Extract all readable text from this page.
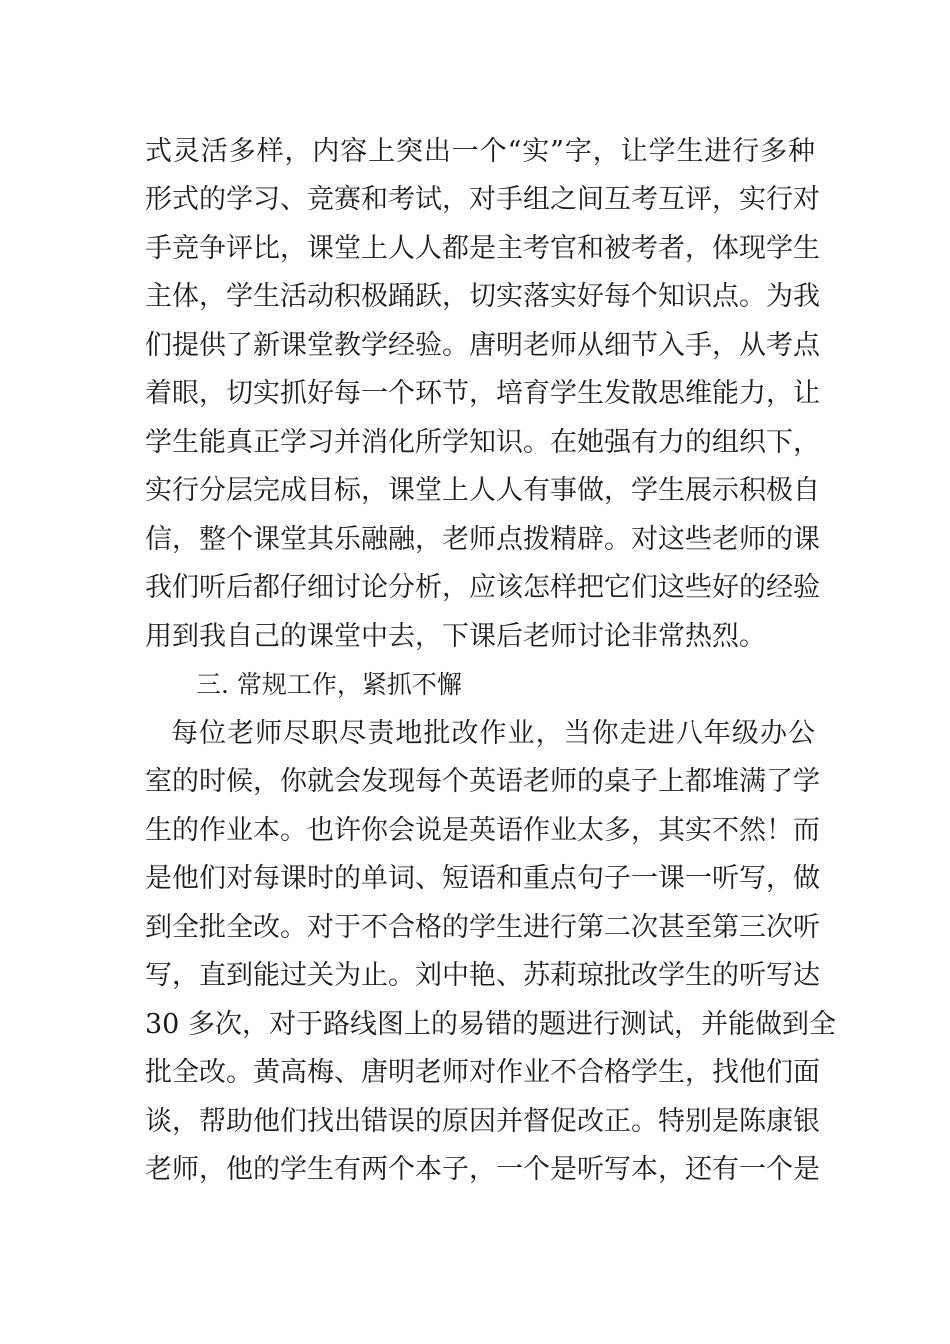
式灵活多样，内容上突出一个“实”字，让学生进行多种
形式的学习、竞赛和考试，对手组之间互考互评，实行对
手竞争评比，课堂上人人都是主考官和被考者，体现学生
主体，学生活动积极踊跃，切实落实好每个知识点。为我
们提供了新课堂教学经验。唐明老师从细节入手，从考点
着眼，切实抓好每一个环节，培育学生发散思维能力，让
学生能真正学习并消化所学知识。在她强有力的组织下，
实行分层完成目标，课堂上人人有事做，学生展示积极自
信，整个课堂其乐融融，老师点拨精辟。对这些老师的课
我们听后都仔细讨论分析，应该怎样把它们这些好的经验
用到我自己的课堂中去，下课后老师讨论非常热烈。
三. 常规工作，紧抓不懈
每位老师尽职尽责地批改作业，当你走进八年级办公
室的时候，你就会发现每个英语老师的桌子上都堆满了学
生的作业本。也许你会说是英语作业太多，其实不然！而
是他们对每课时的单词、短语和重点句子一课一听写，做
到全批全改。对于不合格的学生进行第二次甚至第三次听
写，直到能过关为止。刘中艳、苏莉琼批改学生的听写达
30 多次，对于路线图上的易错的题进行测试，并能做到全
批全改。黄高梅、唐明老师对作业不合格学生，找他们面
谈，帮助他们找出错误的原因并督促改正。特别是陈康银
老师，他的学生有两个本子，一个是听写本，还有一个是
